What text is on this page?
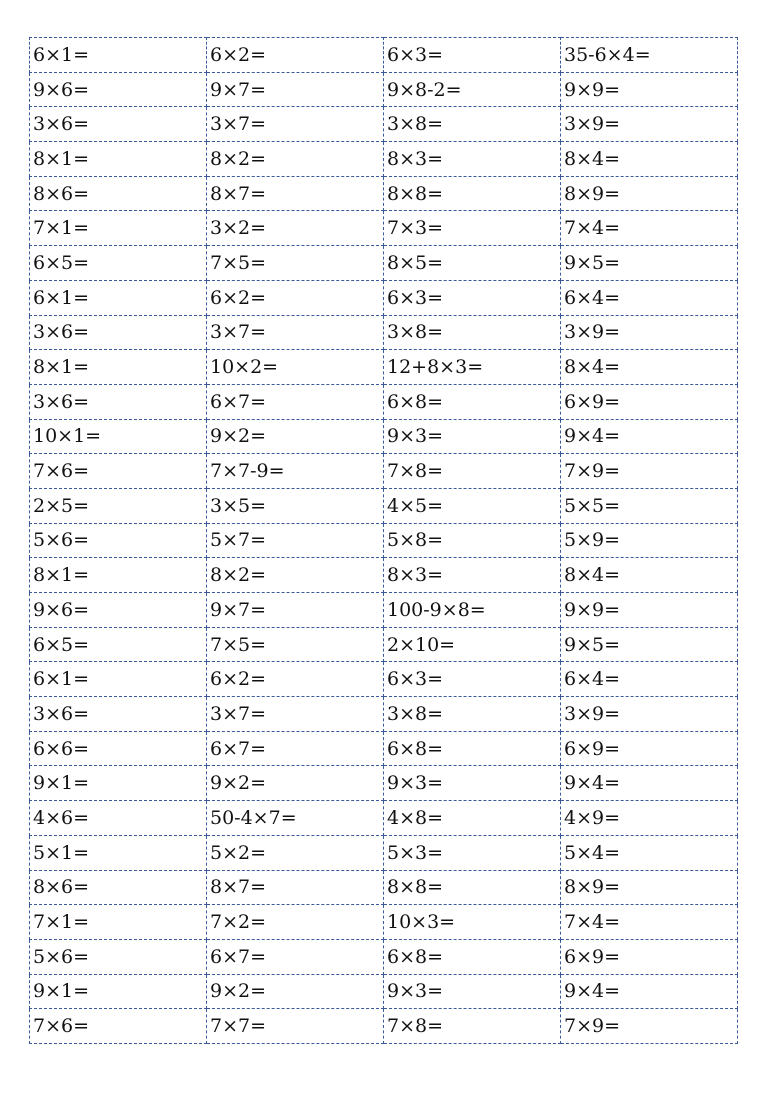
6×1=	6×2=	6×3=	35-6×4=
9×6=	9×7=	9×8-2=	9×9=
3×6=	3×7=	3×8=	3×9=
8×1=	8×2=	8×3=	8×4=
8×6=	8×7=	8×8=	8×9=
7×1=	3×2=	7×3=	7×4=
6×5=	7×5=	8×5=	9×5=
6×1=	6×2=	6×3=	6×4=
3×6=	3×7=	3×8=	3×9=
8×1=	10×2=	12+8×3=	8×4=
3×6=	6×7=	6×8=	6×9=
10×1=	9×2=	9×3=	9×4=
7×6=	7×7-9=	7×8=	7×9=
2×5=	3×5=	4×5=	5×5=
5×6=	5×7=	5×8=	5×9=
8×1=	8×2=	8×3=	8×4=
9×6=	9×7=	100-9×8=	9×9=
6×5=	7×5=	2×10=	9×5=
6×1=	6×2=	6×3=	6×4=
3×6=	3×7=	3×8=	3×9=
6×6=	6×7=	6×8=	6×9=
9×1=	9×2=	9×3=	9×4=
4×6=	50-4×7=	4×8=	4×9=
5×1=	5×2=	5×3=	5×4=
8×6=	8×7=	8×8=	8×9=
7×1=	7×2=	10×3=	7×4=
5×6=	6×7=	6×8=	6×9=
9×1=	9×2=	9×3=	9×4=
7×6=	7×7=	7×8=	7×9=
